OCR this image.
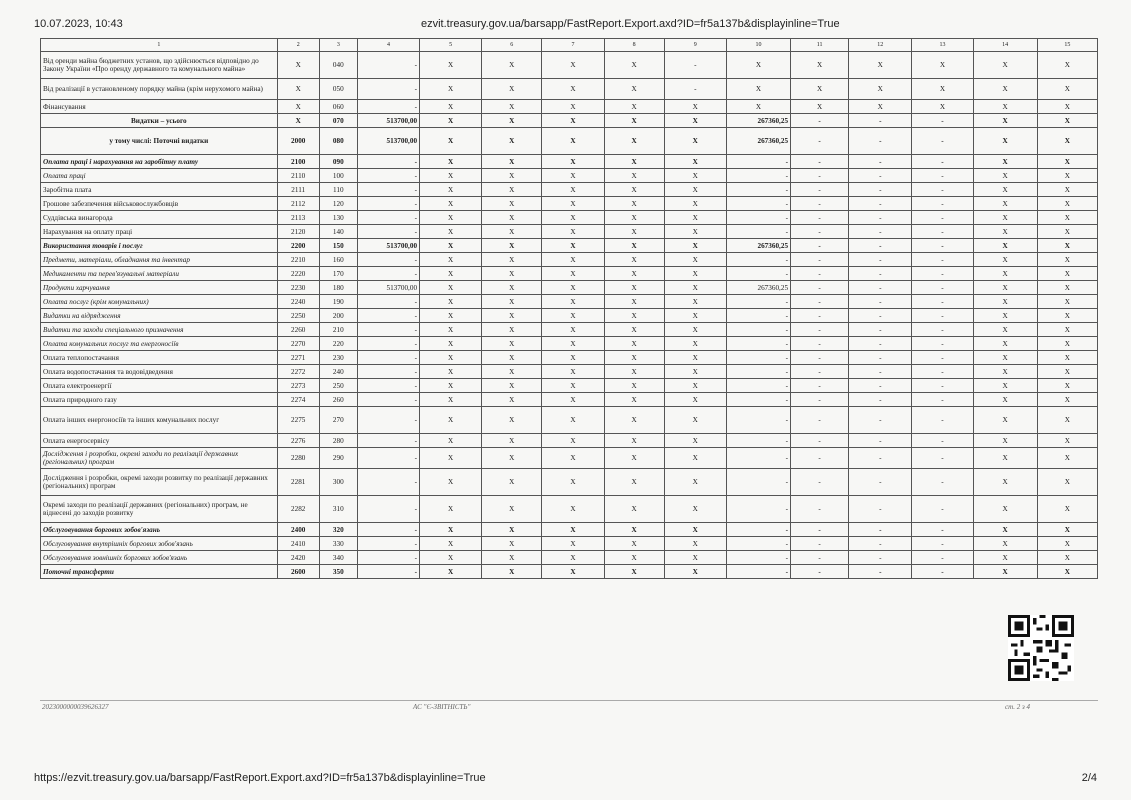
10.07.2023, 10:43	ezvit.treasury.gov.ua/barsapp/FastReport.Export.axd?ID=fr5a137b&displayinline=True
1	2	3	4	5	6	7	8	9	10	11	12	13	14	15
Від оренди майна бюджетних установ, що здійснюється відповідно до Закону України «Про оренду державного та комунального майна»	X	040	-	X	X	X	X	-	X	X	X	X	X	X
Від реалізації в установленому порядку майна (крім нерухомого майна)	X	050	-	X	X	X	X	-	X	X	X	X	X	X
Фінансування	X	060	-	X	X	X	X	X	X	X	X	X	X	X
Видатки – усього	X	070	513700,00	X	X	X	X	X	267360,25	-	-	-	X	X
у тому числі: Поточні видатки	2000	080	513700,00	X	X	X	X	X	267360,25	-	-	-	X	X
Оплата праці і нарахування на заробітну плату	2100	090	-	X	X	X	X	X	-	-	-	-	X	X
Оплата праці	2110	100	-	X	X	X	X	X	-	-	-	-	X	X
Заробітна плата	2111	110	-	X	X	X	X	X	-	-	-	-	X	X
Грошове забезпечення військовослужбовців	2112	120	-	X	X	X	X	X	-	-	-	-	X	X
Суддівська винагорода	2113	130	-	X	X	X	X	X	-	-	-	-	X	X
Нарахування на оплату праці	2120	140	-	X	X	X	X	X	-	-	-	-	X	X
Використання товарів і послуг	2200	150	513700,00	X	X	X	X	X	267360,25	-	-	-	X	X
Предмети, матеріали, обладнання та інвентар	2210	160	-	X	X	X	X	X	-	-	-	-	X	X
Медикаменти та перев'язувальні матеріали	2220	170	-	X	X	X	X	X	-	-	-	-	X	X
Продукти харчування	2230	180	513700,00	X	X	X	X	X	267360,25	-	-	-	X	X
Оплата послуг (крім комунальних)	2240	190	-	X	X	X	X	X	-	-	-	-	X	X
Видатки на відрядження	2250	200	-	X	X	X	X	X	-	-	-	-	X	X
Видатки та заходи спеціального призначення	2260	210	-	X	X	X	X	X	-	-	-	-	X	X
Оплата комунальних послуг та енергоносіїв	2270	220	-	X	X	X	X	X	-	-	-	-	X	X
Оплата теплопостачання	2271	230	-	X	X	X	X	X	-	-	-	-	X	X
Оплата водопостачання та водовідведення	2272	240	-	X	X	X	X	X	-	-	-	-	X	X
Оплата електроенергії	2273	250	-	X	X	X	X	X	-	-	-	-	X	X
Оплата природного газу	2274	260	-	X	X	X	X	X	-	-	-	-	X	X
Оплата інших енергоносіїв та інших комунальних послуг	2275	270	-	X	X	X	X	X	-	-	-	-	X	X
Оплата енергосервісу	2276	280	-	X	X	X	X	X	-	-	-	-	X	X
Дослідження і розробки, окремі заходи по реалізації державних (регіональних) програм	2280	290	-	X	X	X	X	X	-	-	-	-	X	X
Дослідження і розробки, окремі заходи розвитку по реалізації державних (регіональних) програм	2281	300	-	X	X	X	X	X	-	-	-	-	X	X
Окремі заходи по реалізації державних (регіональних) програм, не віднесені до заходів розвитку	2282	310	-	X	X	X	X	X	-	-	-	-	X	X
Обслуговування боргових зобов'язань	2400	320	-	X	X	X	X	X	-	-	-	-	X	X
Обслуговування внутрішніх боргових зобов'язань	2410	330	-	X	X	X	X	X	-	-	-	-	X	X
Обслуговування зовнішніх боргових зобов'язань	2420	340	-	X	X	X	X	X	-	-	-	-	X	X
Поточні трансферти	2600	350	-	X	X	X	X	X	-	-	-	-	X	X
2023000000039626327	АС "Є-ЗВІТНІСТЬ"	ст. 2 з 4
https://ezvit.treasury.gov.ua/barsapp/FastReport.Export.axd?ID=fr5a137b&displayinline=True	2/4
